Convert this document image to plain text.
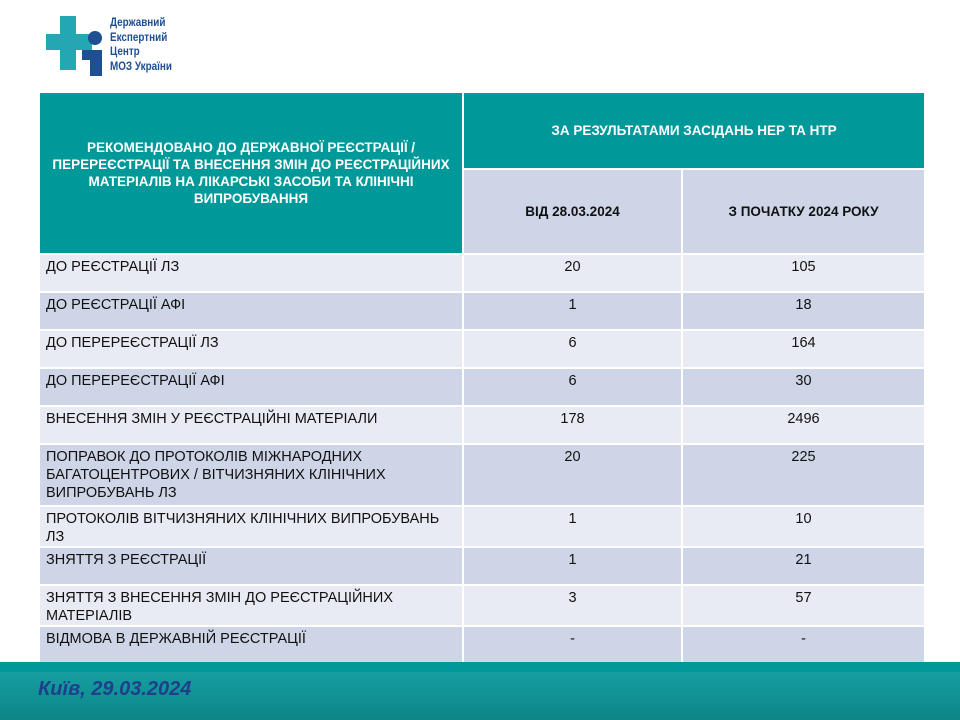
Державний
Експертний
Центр
МОЗ України
РЕКОМЕНДОВАНО ДО ДЕРЖАВНОЇ РЕЄСТРАЦІЇ /ПЕРЕРЕЄСТРАЦІЇ ТА ВНЕСЕННЯ ЗМІН ДО РЕЄСТРАЦІЙНИХ МАТЕРІАЛІВ НА ЛІКАРСЬКІ ЗАСОБИ ТА КЛІНІЧНІ ВИПРОБУВАННЯ	ЗА РЕЗУЛЬТАТАМИ ЗАСІДАНЬ НЕР ТА НТР	
	ВІД 28.03.2024	З ПОЧАТКУ 2024 РОКУ
ДО РЕЄСТРАЦІЇ ЛЗ	20	105
ДО РЕЄСТРАЦІЇ АФІ	1	18
ДО ПЕРЕРЕЄСТРАЦІЇ ЛЗ	6	164
ДО ПЕРЕРЕЄСТРАЦІЇ АФІ	6	30
ВНЕСЕННЯ ЗМІН У РЕЄСТРАЦІЙНІ МАТЕРІАЛИ	178	2496
ПОПРАВОК ДО ПРОТОКОЛІВ МІЖНАРОДНИХ БАГАТОЦЕНТРОВИХ / ВІТЧИЗНЯНИХ КЛІНІЧНИХ ВИПРОБУВАНЬ ЛЗ	20	225
ПРОТОКОЛІВ ВІТЧИЗНЯНИХ КЛІНІЧНИХ ВИПРОБУВАНЬ ЛЗ	1	10
ЗНЯТТЯ З РЕЄСТРАЦІЇ	1	21
ЗНЯТТЯ З ВНЕСЕННЯ ЗМІН ДО РЕЄСТРАЦІЙНИХ МАТЕРІАЛІВ	3	57
ВІДМОВА В ДЕРЖАВНІЙ РЕЄСТРАЦІЇ	-	-
Київ, 29.03.2024
